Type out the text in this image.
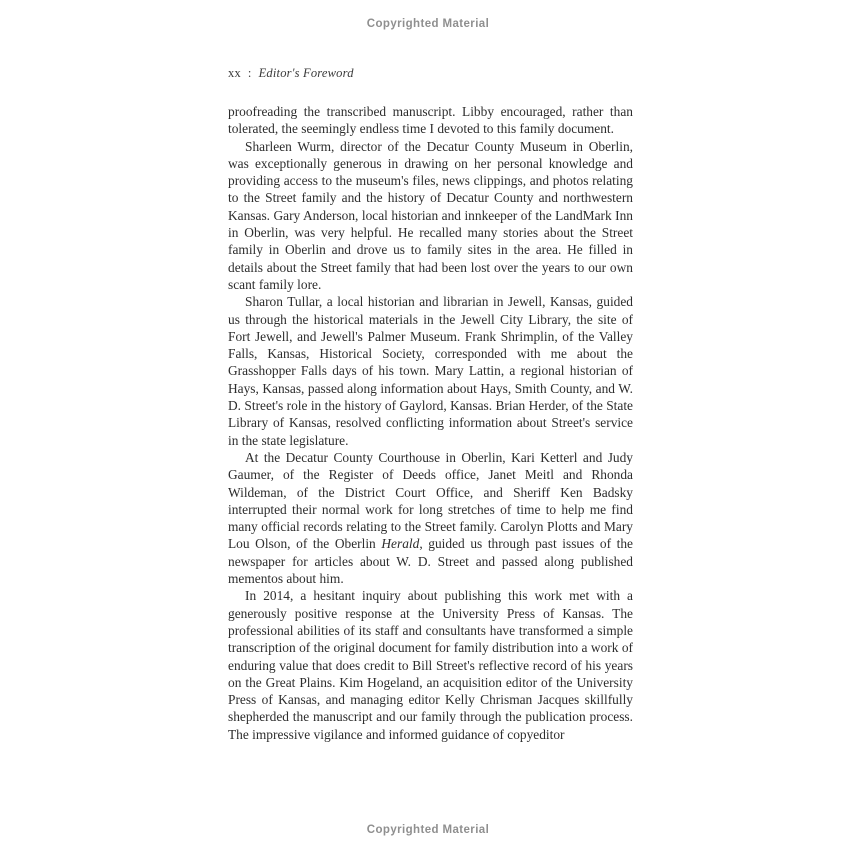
Copyrighted Material
xx : Editor's Foreword

proofreading the transcribed manuscript. Libby encouraged, rather than tolerated, the seemingly endless time I devoted to this family document.

Sharleen Wurm, director of the Decatur County Museum in Oberlin, was exceptionally generous in drawing on her personal knowledge and providing access to the museum's files, news clippings, and photos relating to the Street family and the history of Decatur County and northwestern Kansas. Gary Anderson, local historian and innkeeper of the LandMark Inn in Oberlin, was very helpful. He recalled many stories about the Street family in Oberlin and drove us to family sites in the area. He filled in details about the Street family that had been lost over the years to our own scant family lore.

Sharon Tullar, a local historian and librarian in Jewell, Kansas, guided us through the historical materials in the Jewell City Library, the site of Fort Jewell, and Jewell's Palmer Museum. Frank Shrimplin, of the Valley Falls, Kansas, Historical Society, corresponded with me about the Grasshopper Falls days of his town. Mary Lattin, a regional historian of Hays, Kansas, passed along information about Hays, Smith County, and W. D. Street's role in the history of Gaylord, Kansas. Brian Herder, of the State Library of Kansas, resolved conflicting information about Street's service in the state legislature.

At the Decatur County Courthouse in Oberlin, Kari Ketterl and Judy Gaumer, of the Register of Deeds office, Janet Meitl and Rhonda Wildeman, of the District Court Office, and Sheriff Ken Badsky interrupted their normal work for long stretches of time to help me find many official records relating to the Street family. Carolyn Plotts and Mary Lou Olson, of the Oberlin Herald, guided us through past issues of the newspaper for articles about W. D. Street and passed along published mementos about him.

In 2014, a hesitant inquiry about publishing this work met with a generously positive response at the University Press of Kansas. The professional abilities of its staff and consultants have transformed a simple transcription of the original document for family distribution into a work of enduring value that does credit to Bill Street's reflective record of his years on the Great Plains. Kim Hogeland, an acquisition editor of the University Press of Kansas, and managing editor Kelly Chrisman Jacques skillfully shepherded the manuscript and our family through the publication process. The impressive vigilance and informed guidance of copyeditor

Copyrighted Material
